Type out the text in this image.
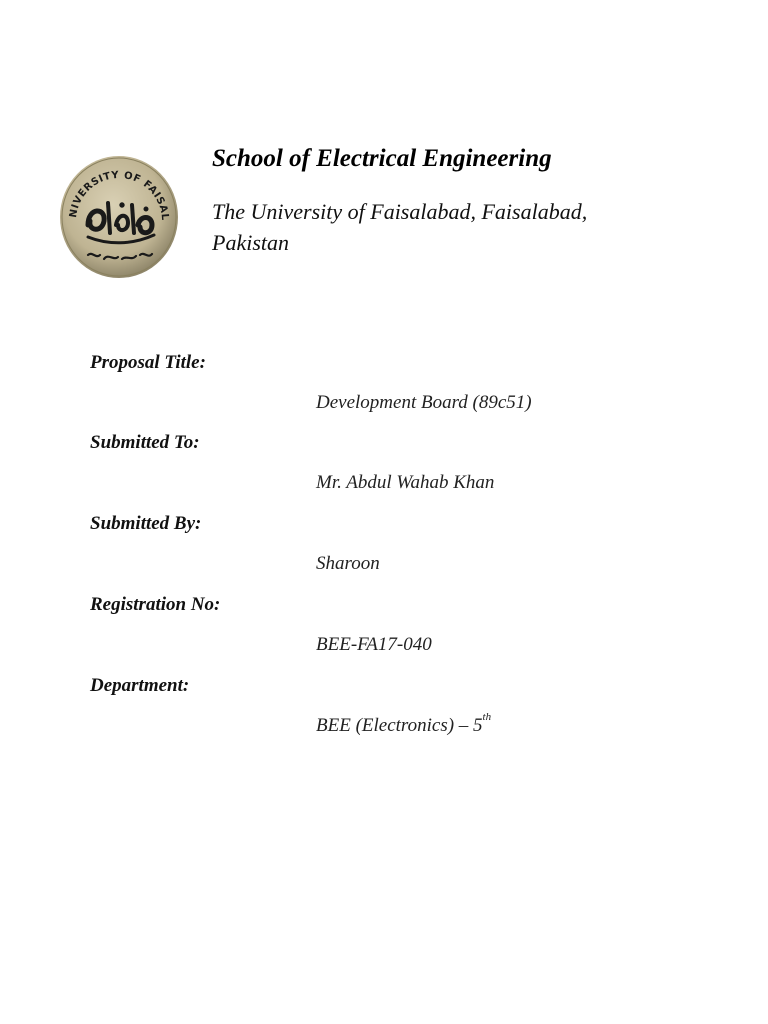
NIVERSITY OF FAISAL
School of Electrical Engineering
The University of Faisalabad, Faisalabad, Pakistan
Proposal Title:
Development Board (89c51)
Submitted To:
Mr. Abdul Wahab Khan
Submitted By:
Sharoon
Registration No:
BEE-FA17-040
Department:
BEE (Electronics) – 5th
